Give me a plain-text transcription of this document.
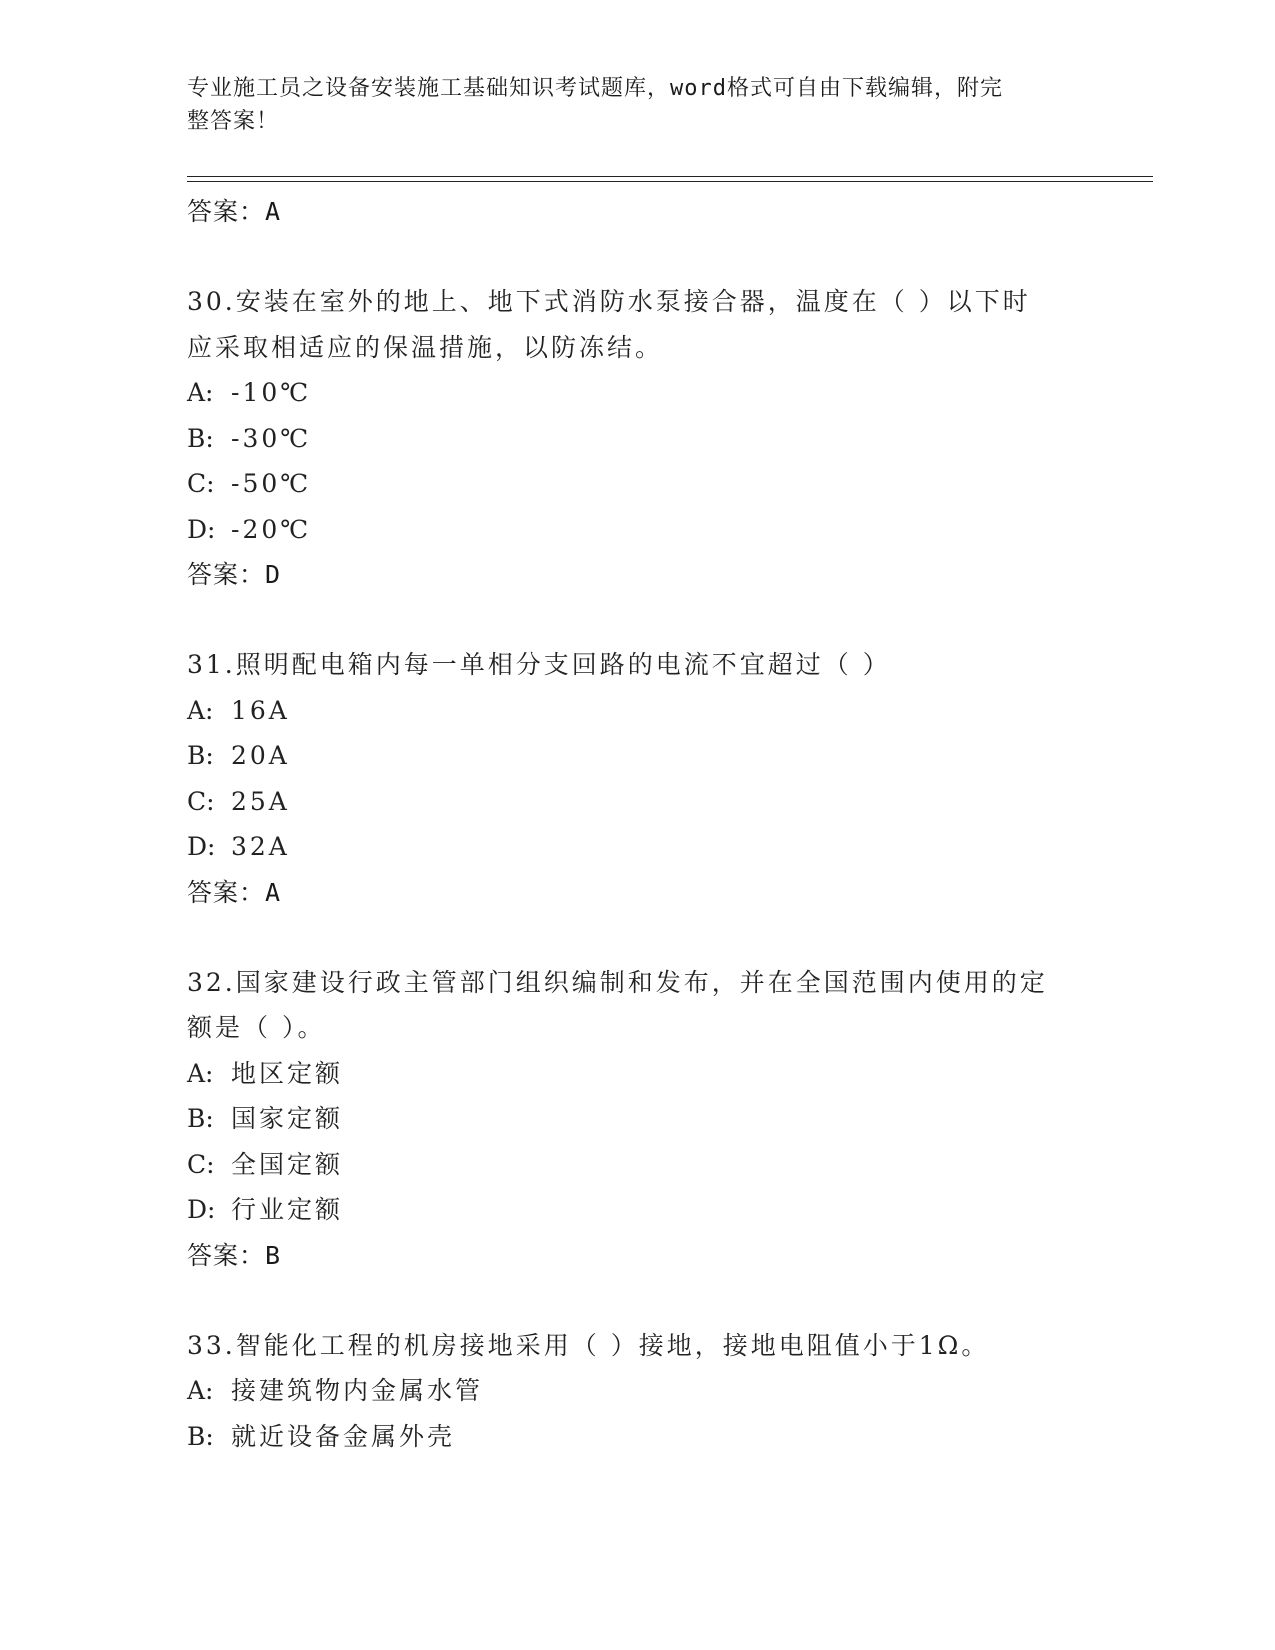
专业施工员之设备安装施工基础知识考试题库，word格式可自由下载编辑，附完
整答案！
答案：A
30.安装在室外的地上、地下式消防水泵接合器，温度在（ ）以下时
应采取相适应的保温措施，以防冻结。
A: -10℃
B: -30℃
C: -50℃
D: -20℃
答案：D
31.照明配电箱内每一单相分支回路的电流不宜超过（ ）
A: 16A
B: 20A
C: 25A
D: 32A
答案：A
32.国家建设行政主管部门组织编制和发布，并在全国范围内使用的定
额是（ ）。
A: 地区定额
B: 国家定额
C: 全国定额
D: 行业定额
答案：B
33.智能化工程的机房接地采用（ ）接地，接地电阻值小于1Ω。
A: 接建筑物内金属水管
B: 就近设备金属外壳
